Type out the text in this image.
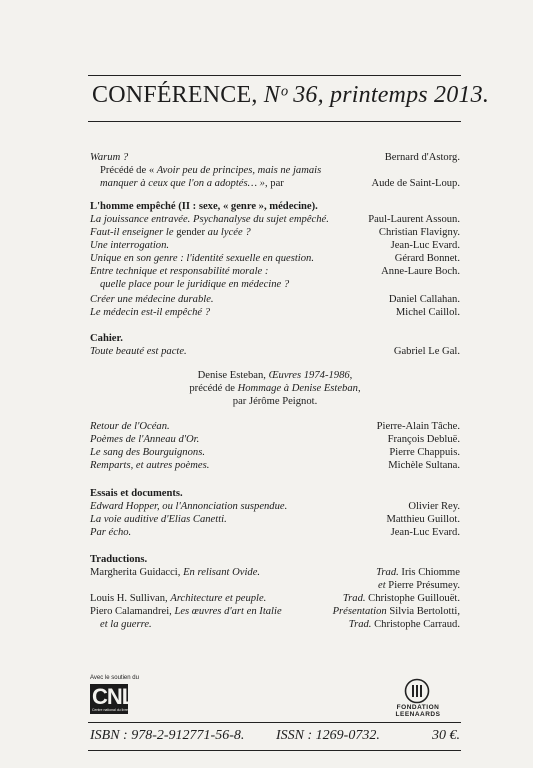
CONFÉRENCE, Nᵒ 36, printemps 2013.
Warum ?	Bernard d'Astorg.
Précédé de « Avoir peu de principes, mais ne jamais
manquer à ceux que l'on a adoptés… », par	Aude de Saint-Loup.
L'homme empêché (II : sexe, « genre », médecine).
La jouissance entravée. Psychanalyse du sujet empêché.	Paul-Laurent Assoun.
Faut-il enseigner le gender au lycée ?	Christian Flavigny.
Une interrogation.	Jean-Luc Evard.
Unique en son genre : l'identité sexuelle en question.	Gérard Bonnet.
Entre technique et responsabilité morale :	Anne-Laure Boch.
quelle place pour le juridique en médecine ?
Créer une médecine durable.	Daniel Callahan.
Le médecin est-il empêché ?	Michel Caillol.
Cahier.
Toute beauté est pacte.	Gabriel Le Gal.
Denise Esteban, Œuvres 1974-1986,
précédé de Hommage à Denise Esteban,
par Jérôme Peignot.
Retour de l'Océan.	Pierre-Alain Tâche.
Poèmes de l'Anneau d'Or.	François Debluë.
Le sang des Bourguignons.	Pierre Chappuis.
Remparts, et autres poèmes.	Michèle Sultana.
Essais et documents.
Edward Hopper, ou l'Annonciation suspendue.	Olivier Rey.
La voie auditive d'Elias Canetti.	Matthieu Guillot.
Par écho.	Jean-Luc Evard.
Traductions.
Margherita Guidacci, En relisant Ovide.	Trad. Iris Chiomme
et Pierre Présumey.
Louis H. Sullivan, Architecture et peuple.	Trad. Christophe Guillouët.
Piero Calamandrei, Les œuvres d'art en Italie	Présentation Silvia Bertolotti,
et la guerre.	Trad. Christophe Carraud.
Avec le soutien du
CNL
Centre national du livre	FONDATION
LEENAARDS
ISBN : 978-2-912771-56-8. ISSN : 1269-0732.	30 €.
